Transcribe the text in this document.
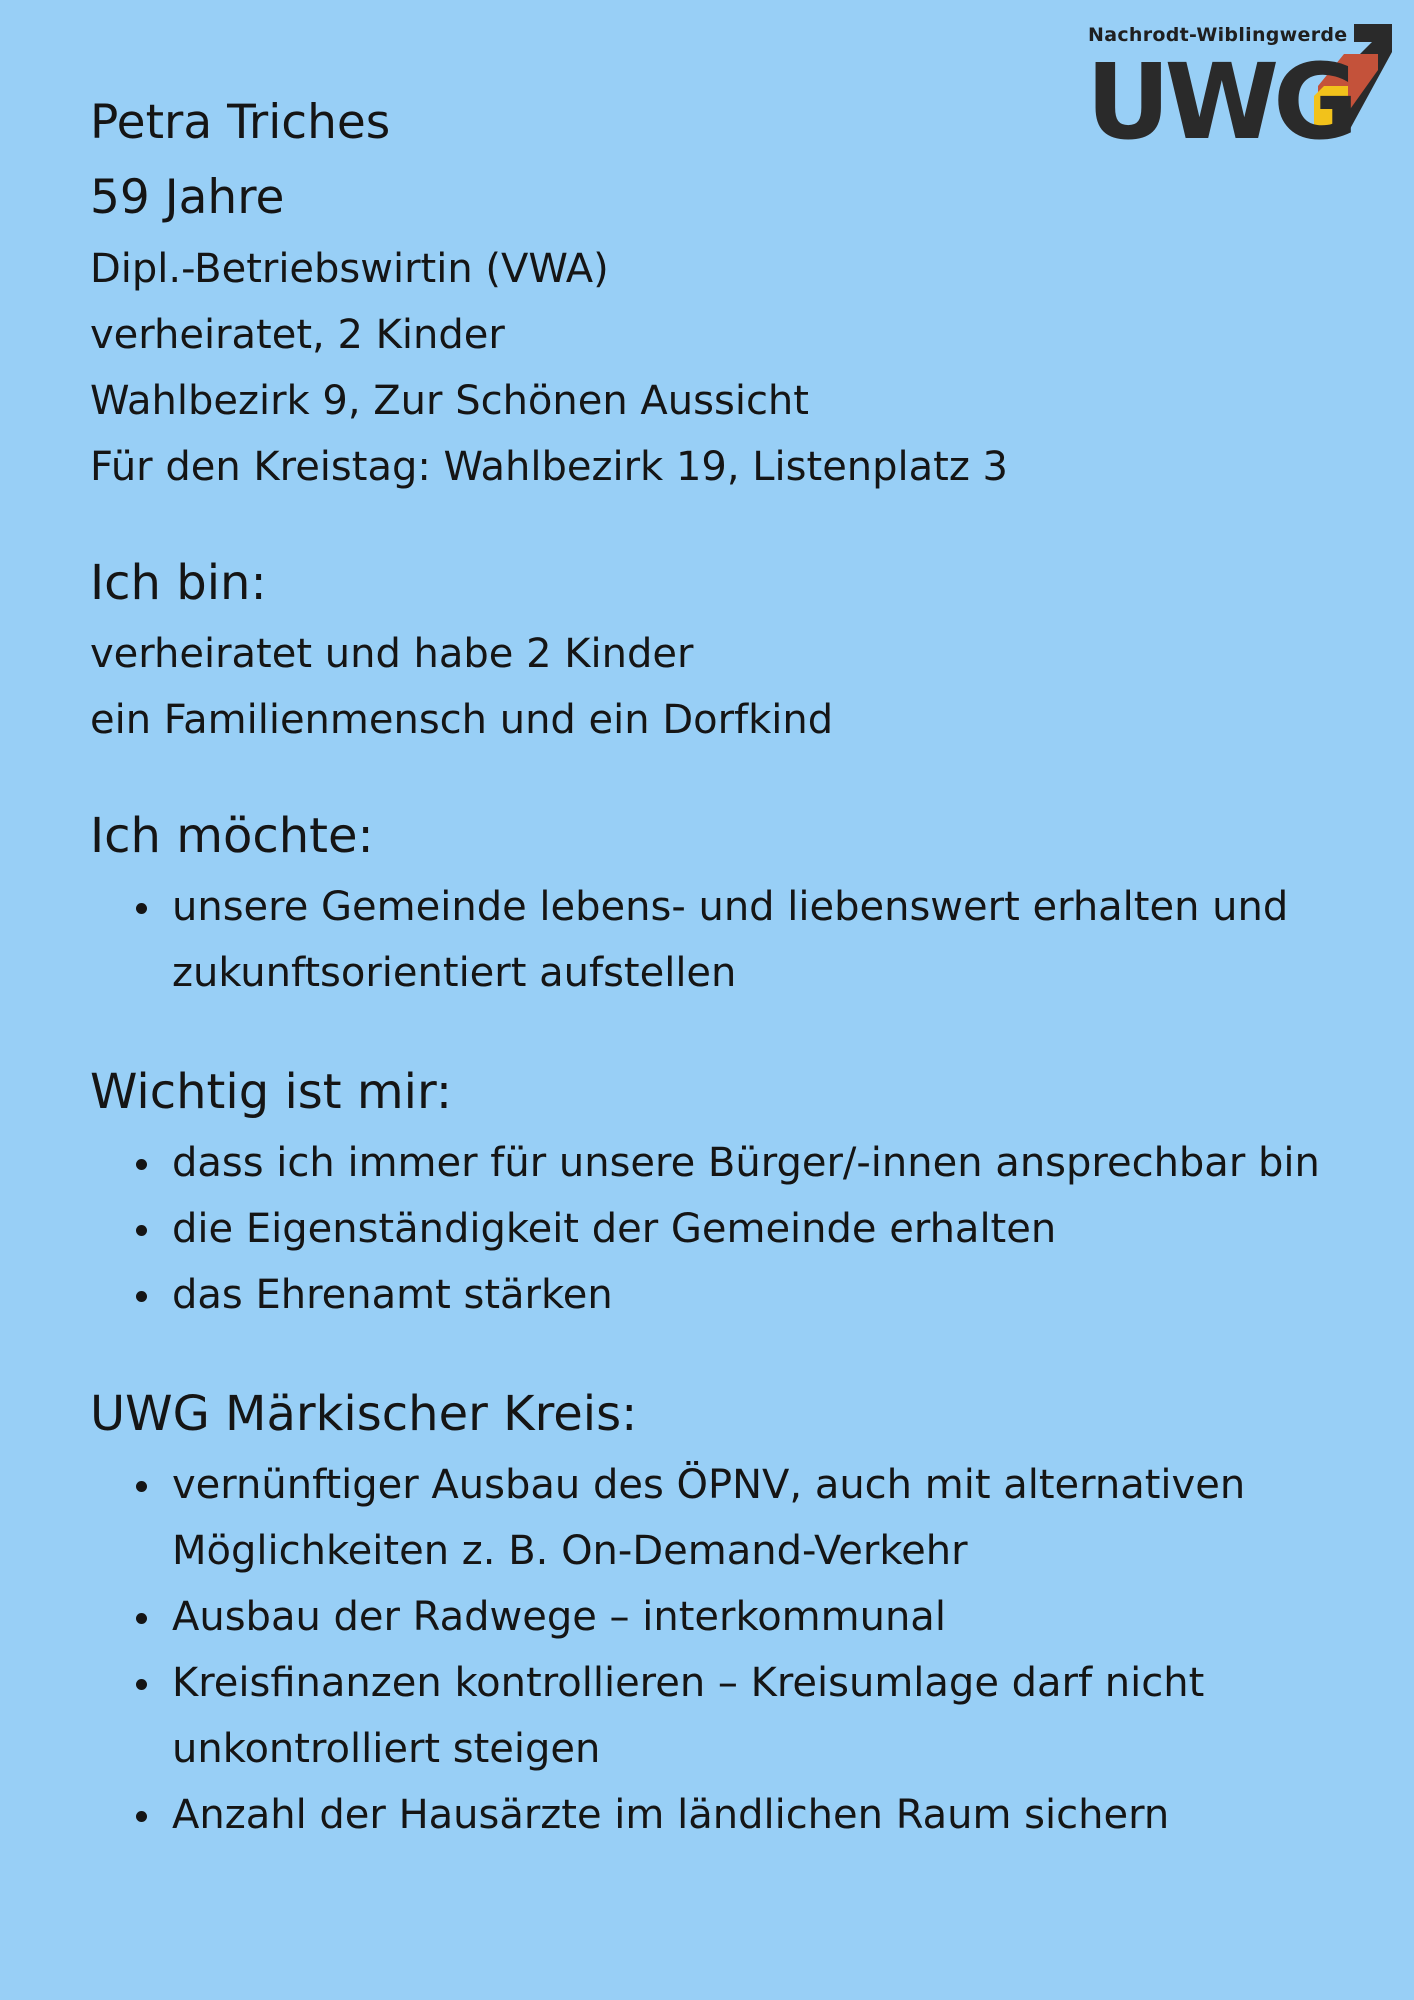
Nachrodt-Wiblingwerde
UWG
Petra Triches
59 Jahre

Dipl.-Betriebswirtin (VWA)

verheiratet, 2 Kinder

Wahlbezirk 9, Zur Schönen Aussicht

Für den Kreistag: Wahlbezirk 19, Listenplatz 3

Ich bin:

verheiratet und habe 2 Kinder

ein Familienmensch und ein Dorfkind

Ich möchte:
unsere Gemeinde lebens- und liebenswert erhalten und zukunftsorientiert aufstellen
Wichtig ist mir:
dass ich immer für unsere Bürger/-innen ansprechbar bin
die Eigenständigkeit der Gemeinde erhalten
das Ehrenamt stärken
UWG Märkischer Kreis:
vernünftiger Ausbau des ÖPNV, auch mit alternativen Möglichkeiten z. B. On-Demand-Verkehr
Ausbau der Radwege – interkommunal
Kreisfinanzen kontrollieren – Kreisumlage darf nicht unkontrolliert steigen
Anzahl der Hausärzte im ländlichen Raum sichern
